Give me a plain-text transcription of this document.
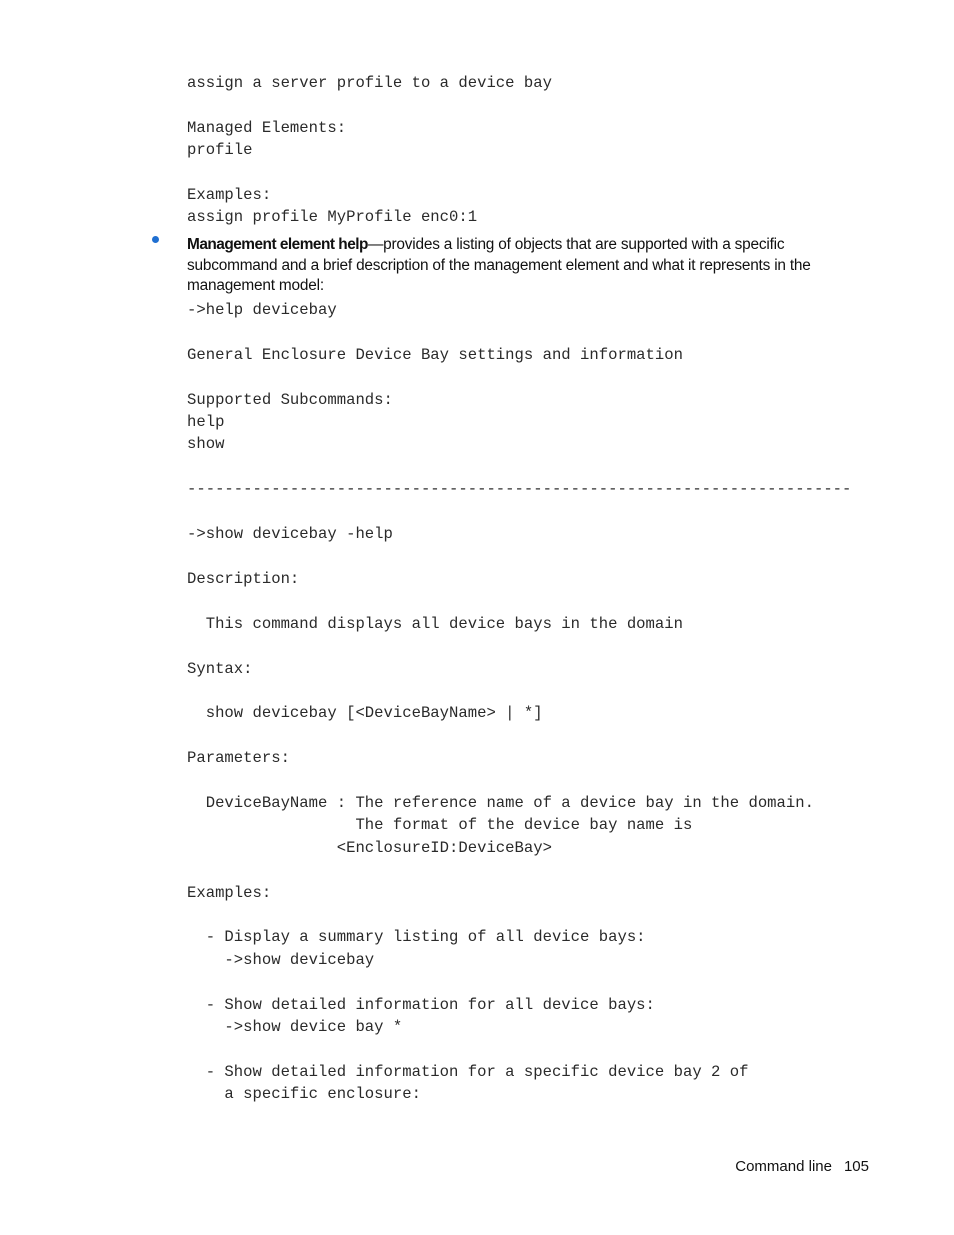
assign a server profile to a device bay

Managed Elements:
profile

Examples:
assign profile MyProfile enc0:1

Management element help—provides a listing of objects that are supported with a specific subcommand and a brief description of the management element and what it represents in the management model:
->help devicebay

General Enclosure Device Bay settings and information

Supported Subcommands:
help
show

-----------------------------------------------------------------------

->show devicebay -help

Description:

This command displays all device bays in the domain

Syntax:

show devicebay [<DeviceBayName> | *]

Parameters:

DeviceBayName : The reference name of a device bay in the domain.
The format of the device bay name is
<EnclosureID:DeviceBay>

Examples:

- Display a summary listing of all device bays:
->show devicebay

- Show detailed information for all device bays:
->show device bay *

- Show detailed information for a specific device bay 2 of
a specific enclosure:

Command line 105
